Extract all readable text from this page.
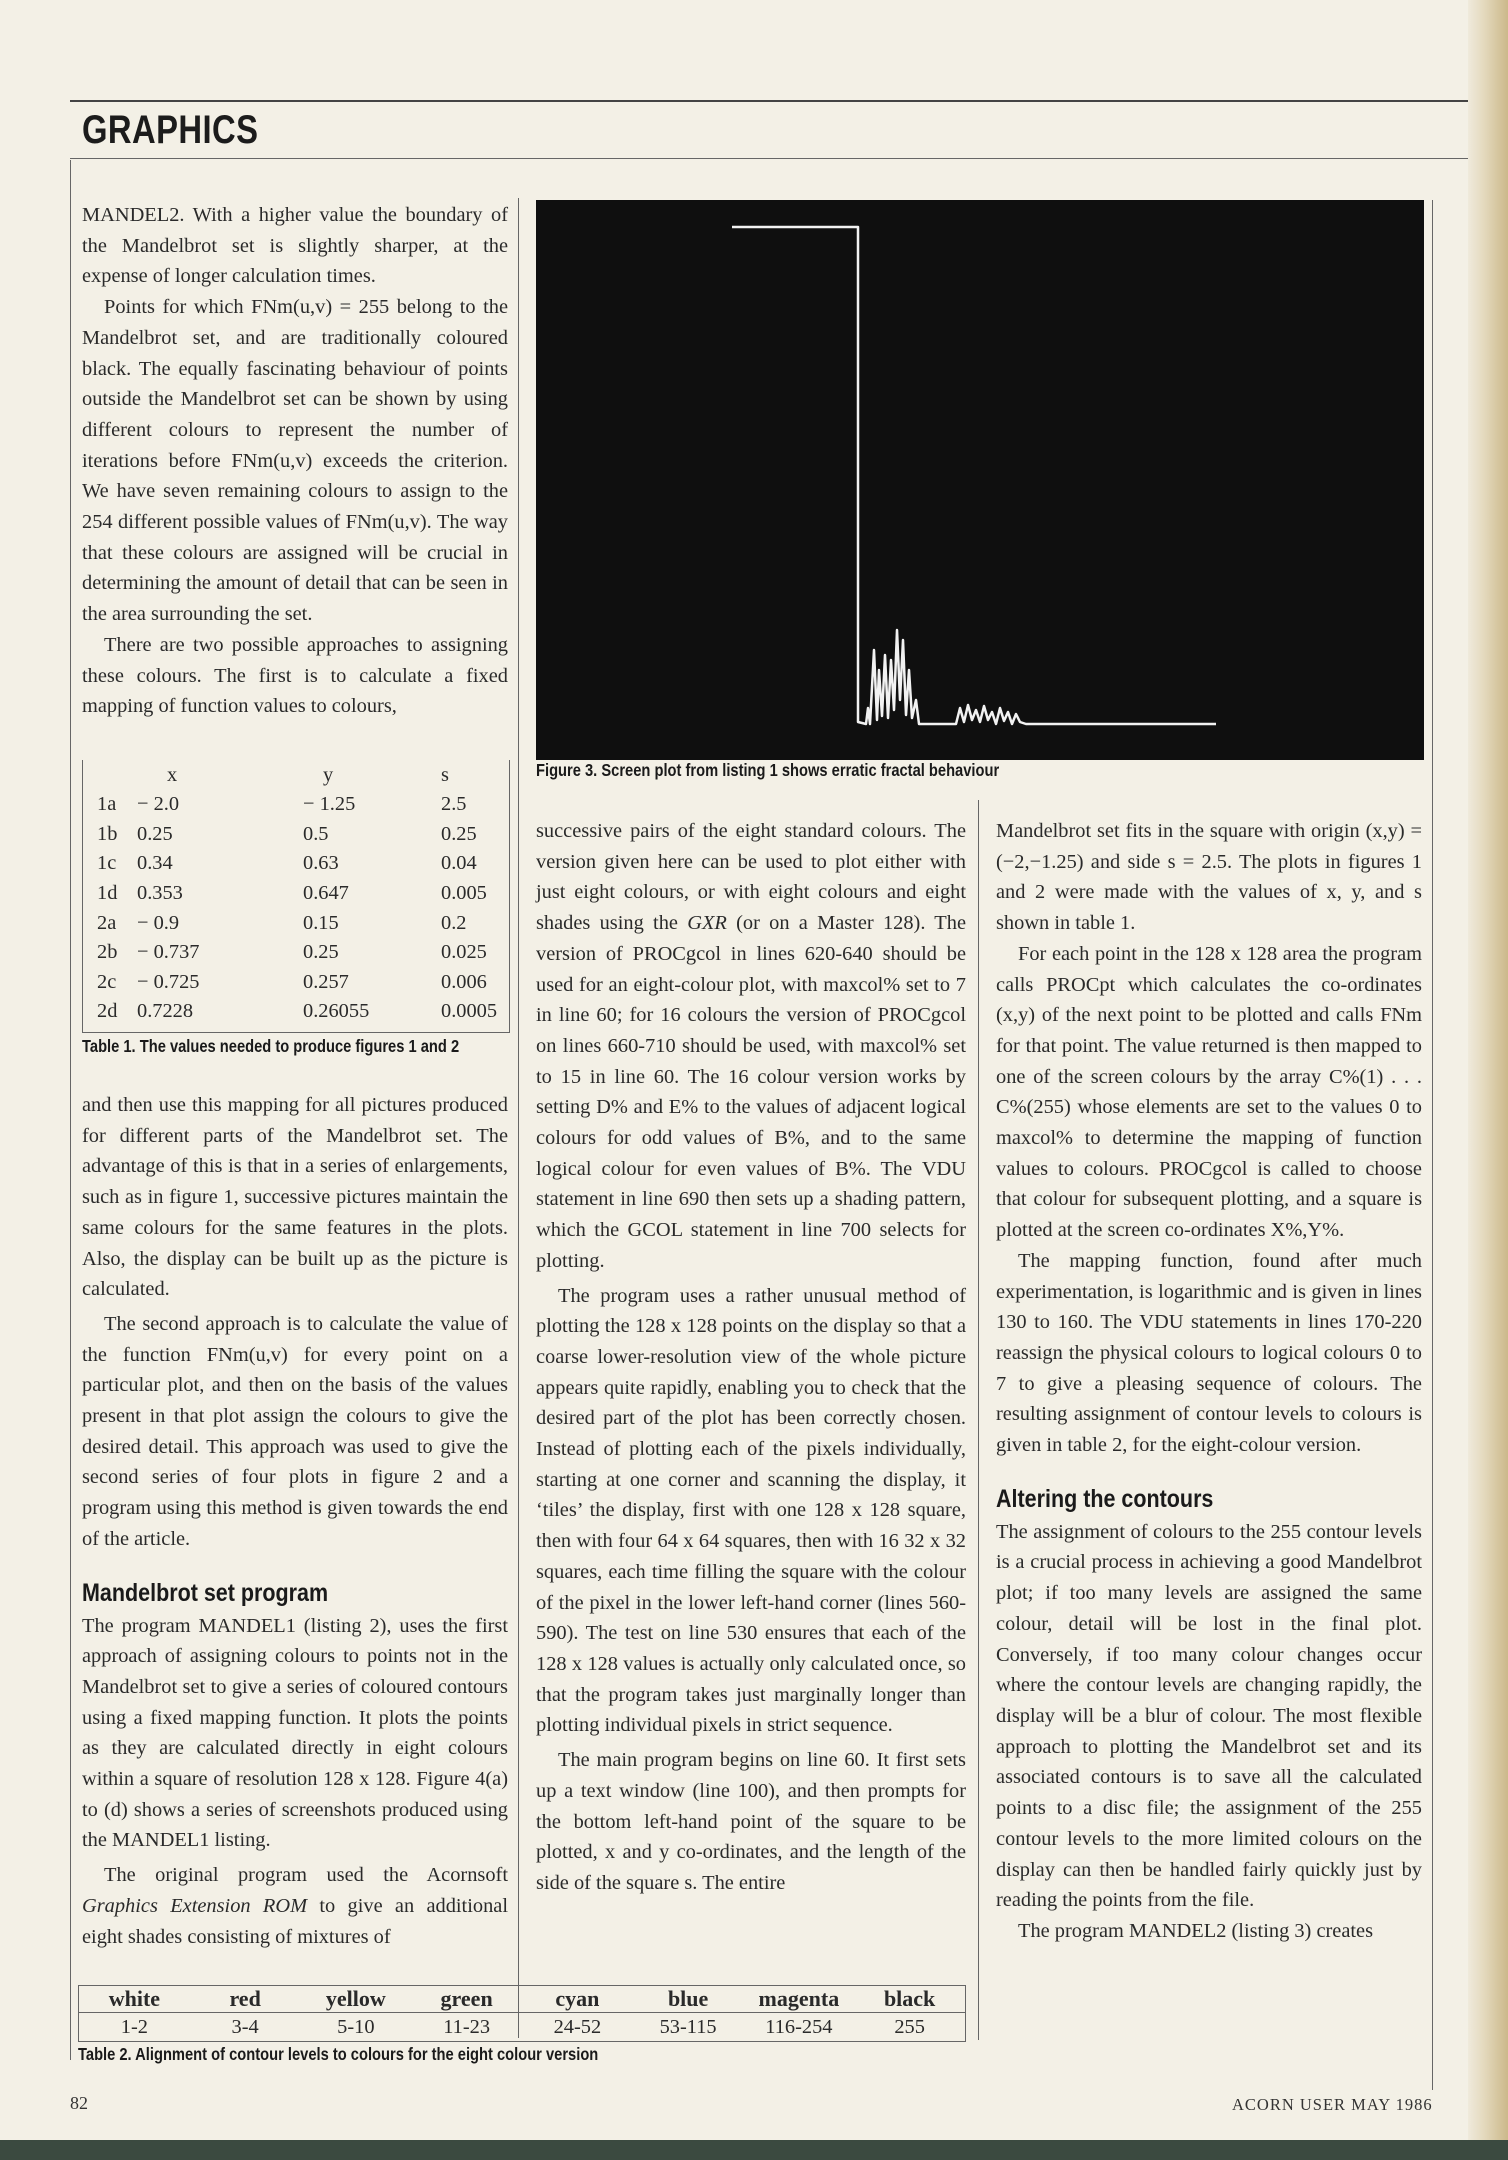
GRAPHICS

MANDEL2. With a higher value the boundary of the Mandelbrot set is slightly sharper, at the expense of longer calculation times.

Points for which FNm(u,v) = 255 belong to the Mandelbrot set, and are traditionally coloured black. The equally fascinating behaviour of points outside the Mandelbrot set can be shown by using different colours to represent the number of iterations before FNm(u,v) exceeds the criterion. We have seven remaining colours to assign to the 254 different possible values of FNm(u,v). The way that these colours are assigned will be crucial in determining the amount of detail that can be seen in the area surrounding the set.

There are two possible approaches to assigning these colours. The first is to calculate a fixed mapping of function values to colours,

	x	y	s
1a	− 2.0	− 1.25	2.5
1b	0.25	0.5	0.25
1c	0.34	0.63	0.04
1d	0.353	0.647	0.005
2a	− 0.9	0.15	0.2
2b	− 0.737	0.25	0.025
2c	− 0.725	0.257	0.006
2d	0.7228	0.26055	0.0005
Table 1. The values needed to produce figures 1 and 2

and then use this mapping for all pictures produced for different parts of the Mandelbrot set. The advantage of this is that in a series of enlargements, such as in figure 1, successive pictures maintain the same colours for the same features in the plots. Also, the display can be built up as the picture is calculated.

The second approach is to calculate the value of the function FNm(u,v) for every point on a particular plot, and then on the basis of the values present in that plot assign the colours to give the desired detail. This approach was used to give the second series of four plots in figure 2 and a program using this method is given towards the end of the article.

Mandelbrot set program

The program MANDEL1 (listing 2), uses the first approach of assigning colours to points not in the Mandelbrot set to give a series of coloured contours using a fixed mapping function. It plots the points as they are calculated directly in eight colours within a square of resolution 128 x 128. Figure 4(a) to (d) shows a series of screenshots produced using the MANDEL1 listing.

The original program used the Acornsoft Graphics Extension ROM to give an additional eight shades consisting of mixtures of

Figure 3. Screen plot from listing 1 shows erratic fractal behaviour

successive pairs of the eight standard colours. The version given here can be used to plot either with just eight colours, or with eight colours and eight shades using the GXR (or on a Master 128). The version of PROCgcol in lines 620-640 should be used for an eight-colour plot, with maxcol% set to 7 in line 60; for 16 colours the version of PROCgcol on lines 660-710 should be used, with maxcol% set to 15 in line 60. The 16 colour version works by setting D% and E% to the values of adjacent logical colours for odd values of B%, and to the same logical colour for even values of B%. The VDU statement in line 690 then sets up a shading pattern, which the GCOL statement in line 700 selects for plotting.

The program uses a rather unusual method of plotting the 128 x 128 points on the display so that a coarse lower-resolution view of the whole picture appears quite rapidly, enabling you to check that the desired part of the plot has been correctly chosen. Instead of plotting each of the pixels individually, starting at one corner and scanning the display, it ‘tiles’ the display, first with one 128 x 128 square, then with four 64 x 64 squares, then with 16 32 x 32 squares, each time filling the square with the colour of the pixel in the lower left-hand corner (lines 560-590). The test on line 530 ensures that each of the 128 x 128 values is actually only calculated once, so that the program takes just marginally longer than plotting individual pixels in strict sequence.

The main program begins on line 60. It first sets up a text window (line 100), and then prompts for the bottom left-hand point of the square to be plotted, x and y co-ordinates, and the length of the side of the square s. The entire

Mandelbrot set fits in the square with origin (x,y) = (−2,−1.25) and side s = 2.5. The plots in figures 1 and 2 were made with the values of x, y, and s shown in table 1.

For each point in the 128 x 128 area the program calls PROCpt which calculates the co-ordinates (x,y) of the next point to be plotted and calls FNm for that point. The value returned is then mapped to one of the screen colours by the array C%(1) . . . C%(255) whose elements are set to the values 0 to maxcol% to determine the mapping of function values to colours. PROCgcol is called to choose that colour for subsequent plotting, and a square is plotted at the screen co-ordinates X%,Y%.

The mapping function, found after much experimentation, is logarithmic and is given in lines 130 to 160. The VDU statements in lines 170-220 reassign the physical colours to logical colours 0 to 7 to give a pleasing sequence of colours. The resulting assignment of contour levels to colours is given in table 2, for the eight-colour version.

Altering the contours

The assignment of colours to the 255 contour levels is a crucial process in achieving a good Mandelbrot plot; if too many levels are assigned the same colour, detail will be lost in the final plot. Conversely, if too many colour changes occur where the contour levels are changing rapidly, the display will be a blur of colour. The most flexible approach to plotting the Mandelbrot set and its associated contours is to save all the calculated points to a disc file; the assignment of the 255 contour levels to the more limited colours on the display can then be handled fairly quickly just by reading the points from the file.

The program MANDEL2 (listing 3) creates

white	red	yellow	green	cyan	blue	magenta	black
1-2	3-4	5-10	11-23	24-52	53-115	116-254	255
Table 2. Alignment of contour levels to colours for the eight colour version
82	ACORN USER MAY 1986
